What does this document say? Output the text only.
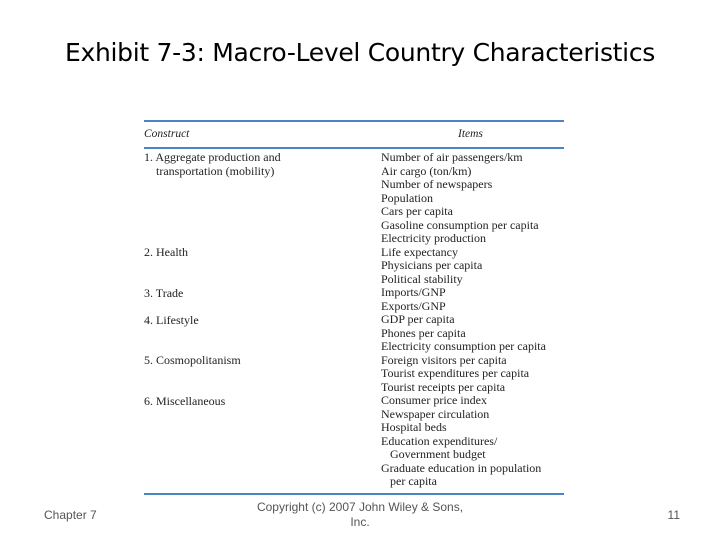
Exhibit 7-3: Macro-Level Country Characteristics
Construct	Items
1. Aggregate production and
transportation (mobility)
2. Health
3. Trade
4. Lifestyle
5. Cosmopolitanism
6. Miscellaneous
Number of air passengers/km
Air cargo (ton/km)
Number of newspapers
Population
Cars per capita
Gasoline consumption per capita
Electricity production
Life expectancy
Physicians per capita
Political stability
Imports/GNP
Exports/GNP
GDP per capita
Phones per capita
Electricity consumption per capita
Foreign visitors per capita
Tourist expenditures per capita
Tourist receipts per capita
Consumer price index
Newspaper circulation
Hospital beds
Education expenditures/
Government budget
Graduate education in population
per capita
Chapter 7
Copyright (c) 2007 John Wiley & Sons,
Inc.	11
